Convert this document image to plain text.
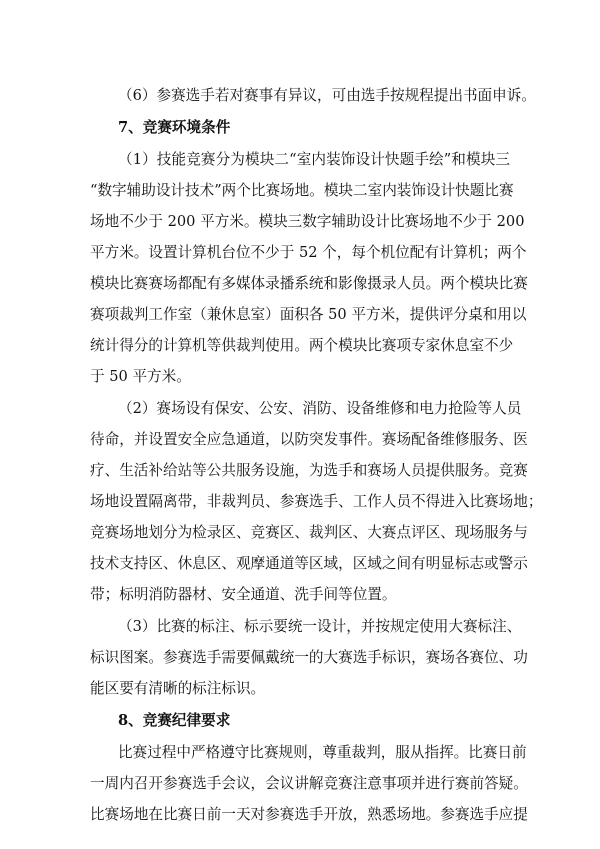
（6）参赛选手若对赛事有异议，可由选手按规程提出书面申诉。
7、竞赛环境条件
（1）技能竞赛分为模块二“室内装饰设计快题手绘”和模块三
“数字辅助设计技术”两个比赛场地。模块二室内装饰设计快题比赛
场地不少于 200 平方米。模块三数字辅助设计比赛场地不少于 200
平方米。设置计算机台位不少于 52 个，每个机位配有计算机；两个
模块比赛赛场都配有多媒体录播系统和影像摄录人员。两个模块比赛
赛项裁判工作室（兼休息室）面积各 50 平方米，提供评分桌和用以
统计得分的计算机等供裁判使用。两个模块比赛项专家休息室不少
于 50 平方米。
（2）赛场设有保安、公安、消防、设备维修和电力抢险等人员
待命，并设置安全应急通道，以防突发事件。赛场配备维修服务、医
疗、生活补给站等公共服务设施，为选手和赛场人员提供服务。竞赛
场地设置隔离带，非裁判员、参赛选手、工作人员不得进入比赛场地；
竞赛场地划分为检录区、竞赛区、裁判区、大赛点评区、现场服务与
技术支持区、休息区、观摩通道等区域，区域之间有明显标志或警示
带；标明消防器材、安全通道、洗手间等位置。
（3）比赛的标注、标示要统一设计，并按规定使用大赛标注、
标识图案。参赛选手需要佩戴统一的大赛选手标识，赛场各赛位、功
能区要有清晰的标注标识。
8、竞赛纪律要求
比赛过程中严格遵守比赛规则，尊重裁判，服从指挥。比赛日前
一周内召开参赛选手会议，会议讲解竞赛注意事项并进行赛前答疑。
比赛场地在比赛日前一天对参赛选手开放，熟悉场地。参赛选手应提
